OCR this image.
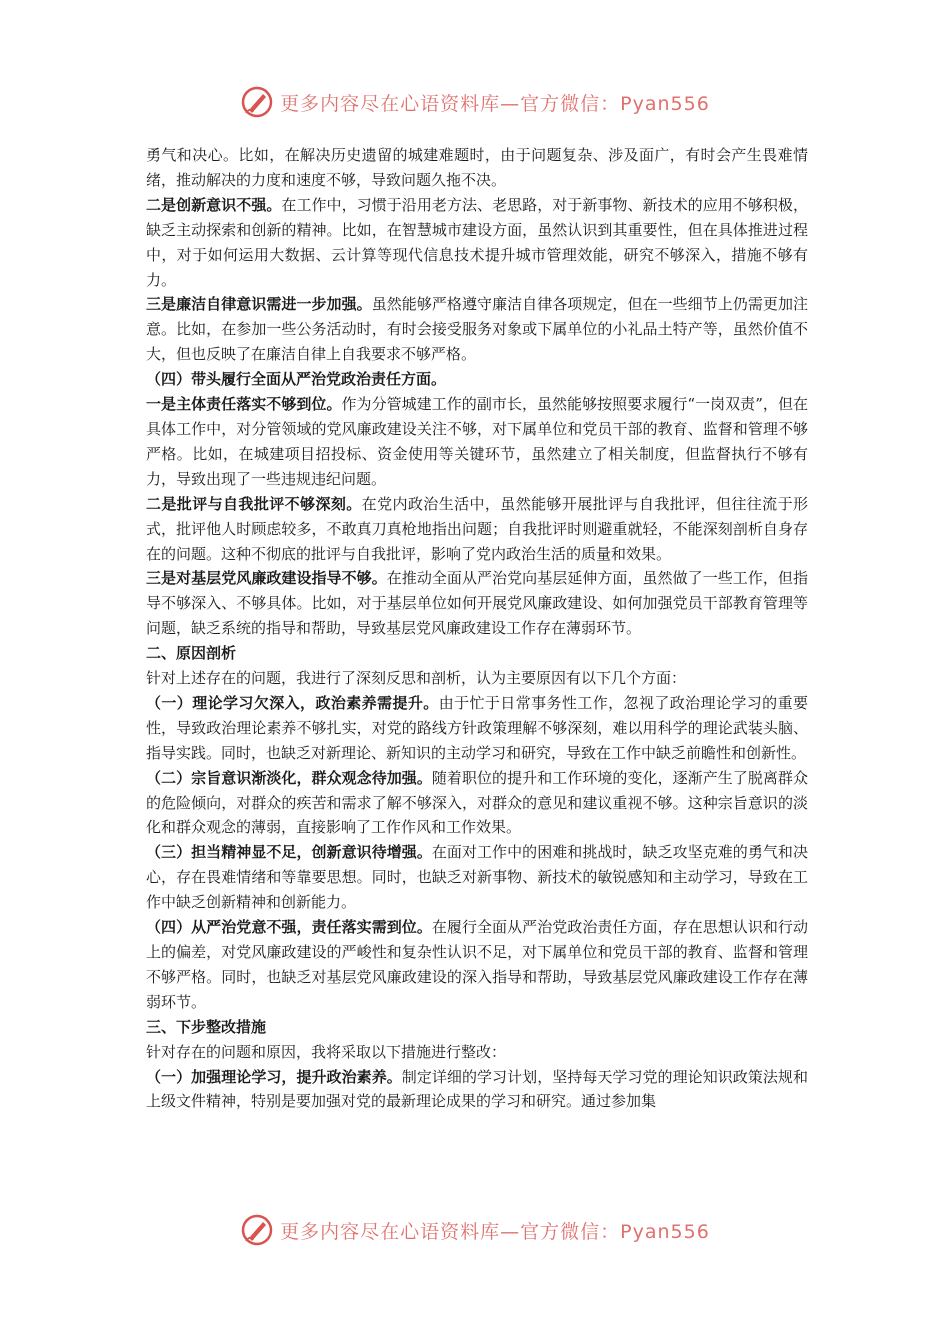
更多内容尽在心语资料库—官方微信：Pyan556

勇气和决心。比如，在解决历史遗留的城建难题时，由于问题复杂、涉及面广，有时会产生畏难情绪，推动解决的力度和速度不够，导致问题久拖不决。

二是创新意识不强。在工作中，习惯于沿用老方法、老思路，对于新事物、新技术的应用不够积极，缺乏主动探索和创新的精神。比如，在智慧城市建设方面，虽然认识到其重要性，但在具体推进过程中，对于如何运用大数据、云计算等现代信息技术提升城市管理效能，研究不够深入，措施不够有力。

三是廉洁自律意识需进一步加强。虽然能够严格遵守廉洁自律各项规定，但在一些细节上仍需更加注意。比如，在参加一些公务活动时，有时会接受服务对象或下属单位的小礼品土特产等，虽然价值不大，但也反映了在廉洁自律上自我要求不够严格。

（四）带头履行全面从严治党政治责任方面。

一是主体责任落实不够到位。作为分管城建工作的副市长，虽然能够按照要求履行“一岗双责”，但在具体工作中，对分管领域的党风廉政建设关注不够，对下属单位和党员干部的教育、监督和管理不够严格。比如，在城建项目招投标、资金使用等关键环节，虽然建立了相关制度，但监督执行不够有力，导致出现了一些违规违纪问题。

二是批评与自我批评不够深刻。在党内政治生活中，虽然能够开展批评与自我批评，但往往流于形式，批评他人时顾虑较多，不敢真刀真枪地指出问题；自我批评时则避重就轻，不能深刻剖析自身存在的问题。这种不彻底的批评与自我批评，影响了党内政治生活的质量和效果。

三是对基层党风廉政建设指导不够。在推动全面从严治党向基层延伸方面，虽然做了一些工作，但指导不够深入、不够具体。比如，对于基层单位如何开展党风廉政建设、如何加强党员干部教育管理等问题，缺乏系统的指导和帮助，导致基层党风廉政建设工作存在薄弱环节。

二、原因剖析

针对上述存在的问题，我进行了深刻反思和剖析，认为主要原因有以下几个方面：

（一）理论学习欠深入，政治素养需提升。由于忙于日常事务性工作，忽视了政治理论学习的重要性，导致政治理论素养不够扎实，对党的路线方针政策理解不够深刻，难以用科学的理论武装头脑、指导实践。同时，也缺乏对新理论、新知识的主动学习和研究，导致在工作中缺乏前瞻性和创新性。

（二）宗旨意识渐淡化，群众观念待加强。随着职位的提升和工作环境的变化，逐渐产生了脱离群众的危险倾向，对群众的疾苦和需求了解不够深入，对群众的意见和建议重视不够。这种宗旨意识的淡化和群众观念的薄弱，直接影响了工作作风和工作效果。

（三）担当精神显不足，创新意识待增强。在面对工作中的困难和挑战时，缺乏攻坚克难的勇气和决心，存在畏难情绪和等靠要思想。同时，也缺乏对新事物、新技术的敏锐感知和主动学习，导致在工作中缺乏创新精神和创新能力。

（四）从严治党意不强，责任落实需到位。在履行全面从严治党政治责任方面，存在思想认识和行动上的偏差，对党风廉政建设的严峻性和复杂性认识不足，对下属单位和党员干部的教育、监督和管理不够严格。同时，也缺乏对基层党风廉政建设的深入指导和帮助，导致基层党风廉政建设工作存在薄弱环节。

三、下步整改措施

针对存在的问题和原因，我将采取以下措施进行整改：

（一）加强理论学习，提升政治素养。制定详细的学习计划，坚持每天学习党的理论知识政策法规和上级文件精神，特别是要加强对党的最新理论成果的学习和研究。通过参加集

更多内容尽在心语资料库—官方微信：Pyan556
